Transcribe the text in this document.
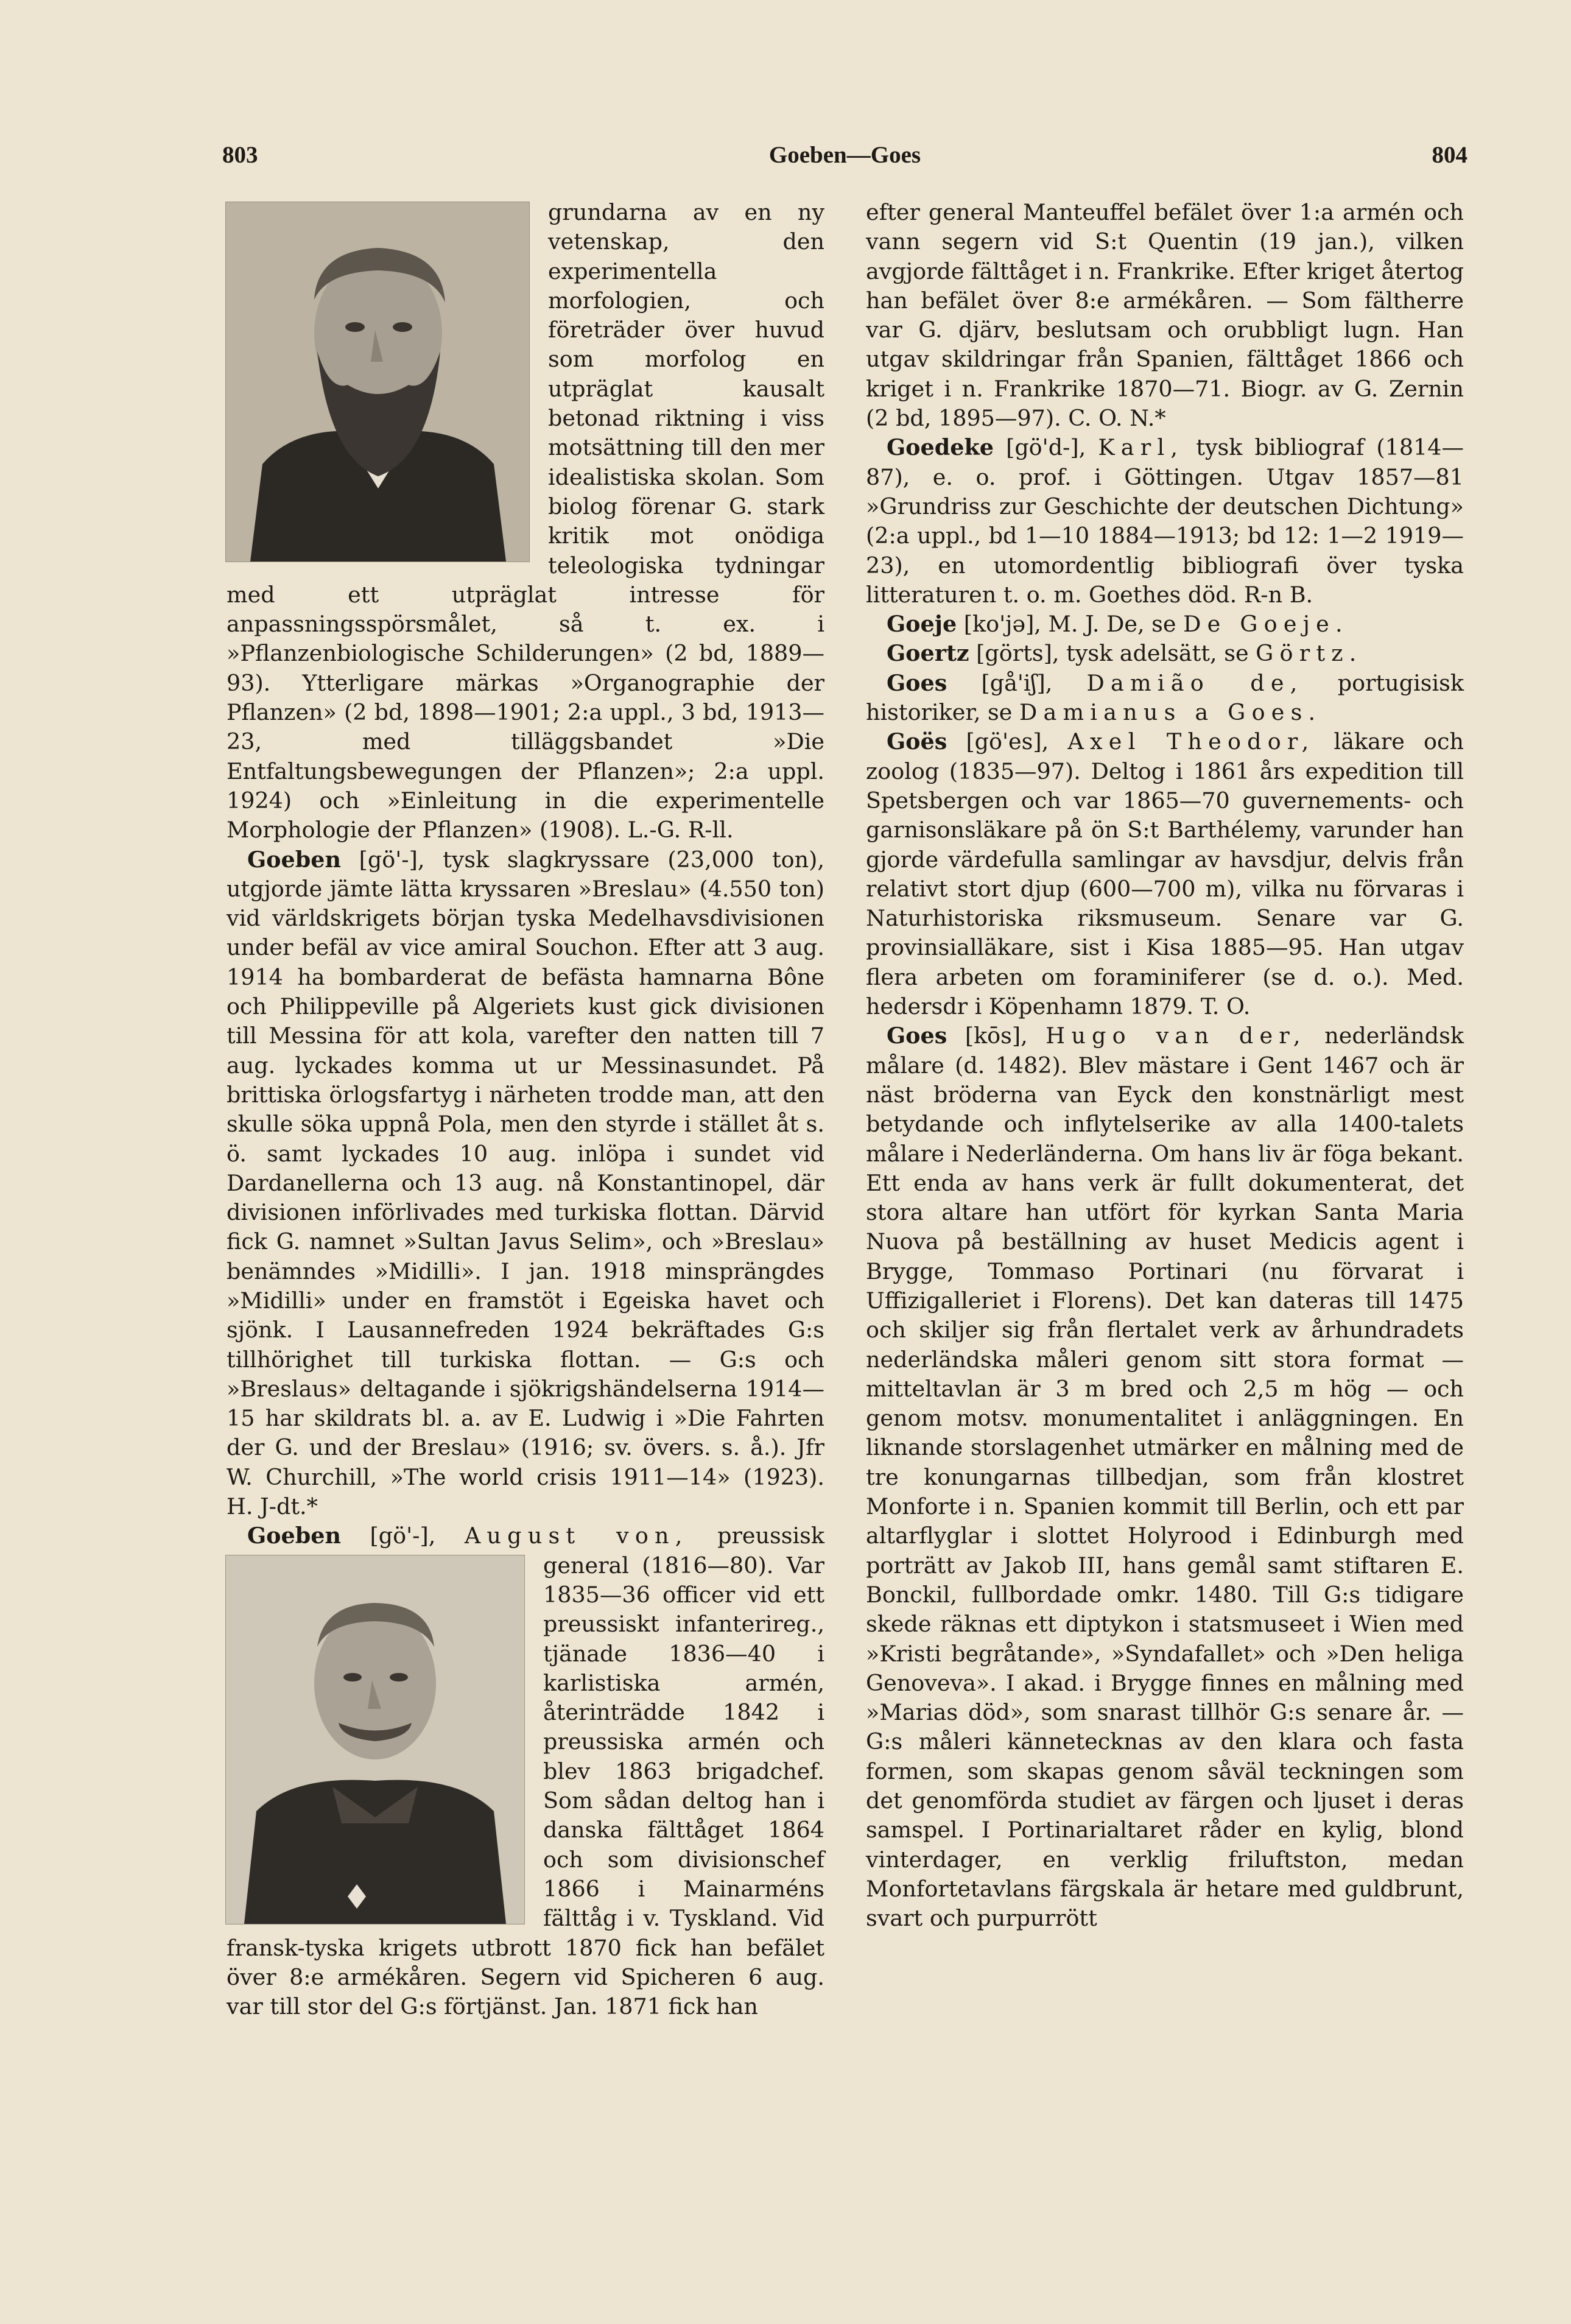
803	Goeben—Goes	804

grundarna av en ny vetenskap, den experimentella morfologien, och företräder över huvud som morfolog en utpräglat kausalt betonad riktning i viss motsättning till den mer idealistiska skolan. Som biolog förenar G. stark kritik mot onödiga teleologiska tydningar med ett utpräglat intresse för anpassningsspörsmålet, så t. ex. i »Pflanzenbiologische Schilderungen» (2 bd, 1889—93). Ytterligare märkas »Organographie der Pflanzen» (2 bd, 1898—1901; 2:a uppl., 3 bd, 1913—23, med tilläggsbandet »Die Entfaltungsbewegungen der Pflanzen»; 2:a uppl. 1924) och »Einleitung in die experimentelle Morphologie der Pflanzen» (1908). L.-G. R-ll.

Goeben [gö'-], tysk slagkryssare (23,000 ton), utgjorde jämte lätta kryssaren »Breslau» (4.550 ton) vid världskrigets början tyska Medelhavsdivisionen under befäl av vice amiral Souchon. Efter att 3 aug. 1914 ha bombarderat de befästa hamnarna Bône och Philippeville på Algeriets kust gick divisionen till Messina för att kola, varefter den natten till 7 aug. lyckades komma ut ur Messinasundet. På brittiska örlogsfartyg i närheten trodde man, att den skulle söka uppnå Pola, men den styrde i stället åt s. ö. samt lyckades 10 aug. inlöpa i sundet vid Dardanellerna och 13 aug. nå Konstantinopel, där divisionen införlivades med turkiska flottan. Därvid fick G. namnet »Sultan Javus Selim», och »Breslau» benämndes »Midilli». I jan. 1918 minsprängdes »Midilli» under en framstöt i Egeiska havet och sjönk. I Lausannefreden 1924 bekräftades G:s tillhörighet till turkiska flottan. — G:s och »Breslaus» deltagande i sjökrigshändelserna 1914—15 har skildrats bl. a. av E. Ludwig i »Die Fahrten der G. und der Breslau» (1916; sv. övers. s. å.). Jfr W. Churchill, »The world crisis 1911—14» (1923). H. J-dt.*

Goeben [gö'-], August von, preussisk general (1816—80). Var 1835—36 officer vid ett preussiskt infanterireg., tjänade 1836—40 i karlistiska armén, återinträdde 1842 i preussiska armén och blev 1863 brigadchef. Som sådan deltog han i danska fälttåget 1864 och som divisionschef 1866 i Mainarméns fälttåg i v. Tyskland. Vid fransk-tyska krigets utbrott 1870 fick han befälet över 8:e armékåren. Segern vid Spicheren 6 aug. var till stor del G:s förtjänst. Jan. 1871 fick han

efter general Manteuffel befälet över 1:a armén och vann segern vid S:t Quentin (19 jan.), vilken avgjorde fälttåget i n. Frankrike. Efter kriget återtog han befälet över 8:e armékåren. — Som fältherre var G. djärv, beslutsam och orubbligt lugn. Han utgav skildringar från Spanien, fälttåget 1866 och kriget i n. Frankrike 1870—71. Biogr. av G. Zernin (2 bd, 1895—97). C. O. N.*

Goedeke [gö'd-], Karl, tysk bibliograf (1814—87), e. o. prof. i Göttingen. Utgav 1857—81 »Grundriss zur Geschichte der deutschen Dichtung» (2:a uppl., bd 1—10 1884—1913; bd 12: 1—2 1919—23), en utomordentlig bibliografi över tyska litteraturen t. o. m. Goethes död. R-n B.

Goeje [ko'jə], M. J. De, se De Goeje.

Goertz [görts], tysk adelsätt, se Görtz.

Goes [gå'iʃ], Damião de, portugisisk historiker, se Damianus a Goes.

Goës [gö'es], Axel Theodor, läkare och zoolog (1835—97). Deltog i 1861 års expedition till Spetsbergen och var 1865—70 guvernements- och garnisonsläkare på ön S:t Barthélemy, varunder han gjorde värdefulla samlingar av havsdjur, delvis från relativt stort djup (600—700 m), vilka nu förvaras i Naturhistoriska riksmuseum. Senare var G. provinsialläkare, sist i Kisa 1885—95. Han utgav flera arbeten om foraminiferer (se d. o.). Med. hedersdr i Köpenhamn 1879. T. O.

Goes [kōs], Hugo van der, nederländsk målare (d. 1482). Blev mästare i Gent 1467 och är näst bröderna van Eyck den konstnärligt mest betydande och inflytelserike av alla 1400-talets målare i Nederländerna. Om hans liv är föga bekant. Ett enda av hans verk är fullt dokumenterat, det stora altare han utfört för kyrkan Santa Maria Nuova på beställning av huset Medicis agent i Brygge, Tommaso Portinari (nu förvarat i Uffizigalleriet i Florens). Det kan dateras till 1475 och skiljer sig från flertalet verk av århundradets nederländska måleri genom sitt stora format — mitteltavlan är 3 m bred och 2,5 m hög — och genom motsv. monumentalitet i anläggningen. En liknande storslagenhet utmärker en målning med de tre konungarnas tillbedjan, som från klostret Monforte i n. Spanien kommit till Berlin, och ett par altarflyglar i slottet Holyrood i Edinburgh med porträtt av Jakob III, hans gemål samt stiftaren E. Bonckil, fullbordade omkr. 1480. Till G:s tidigare skede räknas ett diptykon i statsmuseet i Wien med »Kristi begråtande», »Syndafallet» och »Den heliga Genoveva». I akad. i Brygge finnes en målning med »Marias död», som snarast tillhör G:s senare år. — G:s måleri kännetecknas av den klara och fasta formen, som skapas genom såväl teckningen som det genomförda studiet av färgen och ljuset i deras samspel. I Portinarialtaret råder en kylig, blond vinterdager, en verklig friluftston, medan Monfortetavlans färgskala är hetare med guldbrunt, svart och purpurrött
